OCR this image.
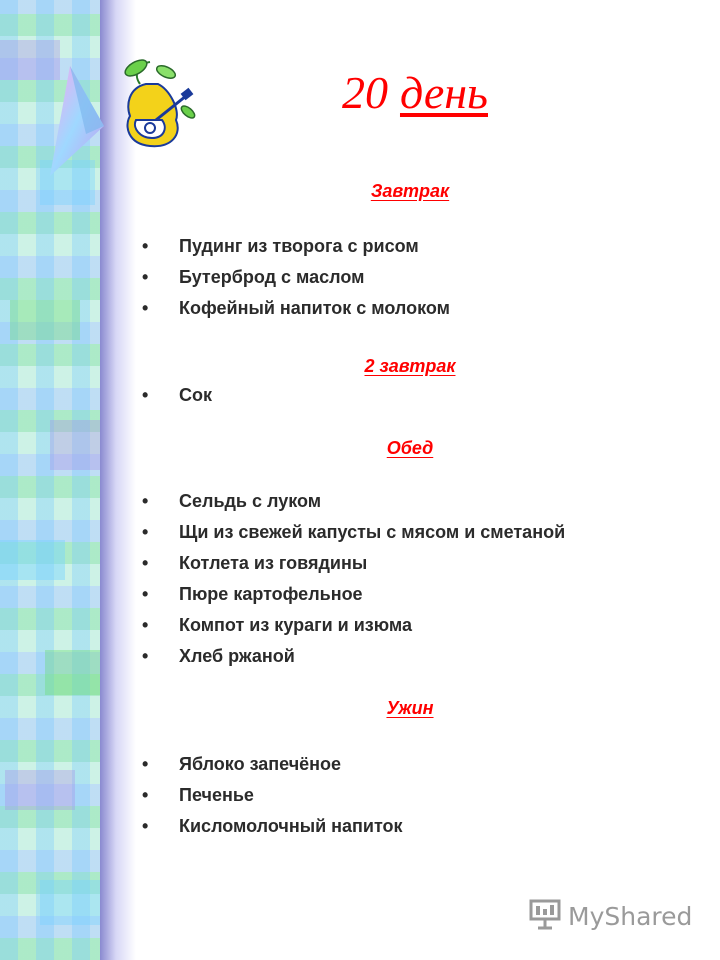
20 день
Завтрак
• Пудинг из творога с рисом
• Бутерброд с маслом
• Кофейный напиток с молоком
2 завтрак
• Сок
Обед
• Сельдь с луком
• Щи из свежей капусты с мясом и сметаной
• Котлета из говядины
• Пюре картофельное
• Компот из кураги и изюма
• Хлеб ржаной
Ужин
• Яблоко запечёное
• Печенье
• Кисломолочный напиток
MyShared
